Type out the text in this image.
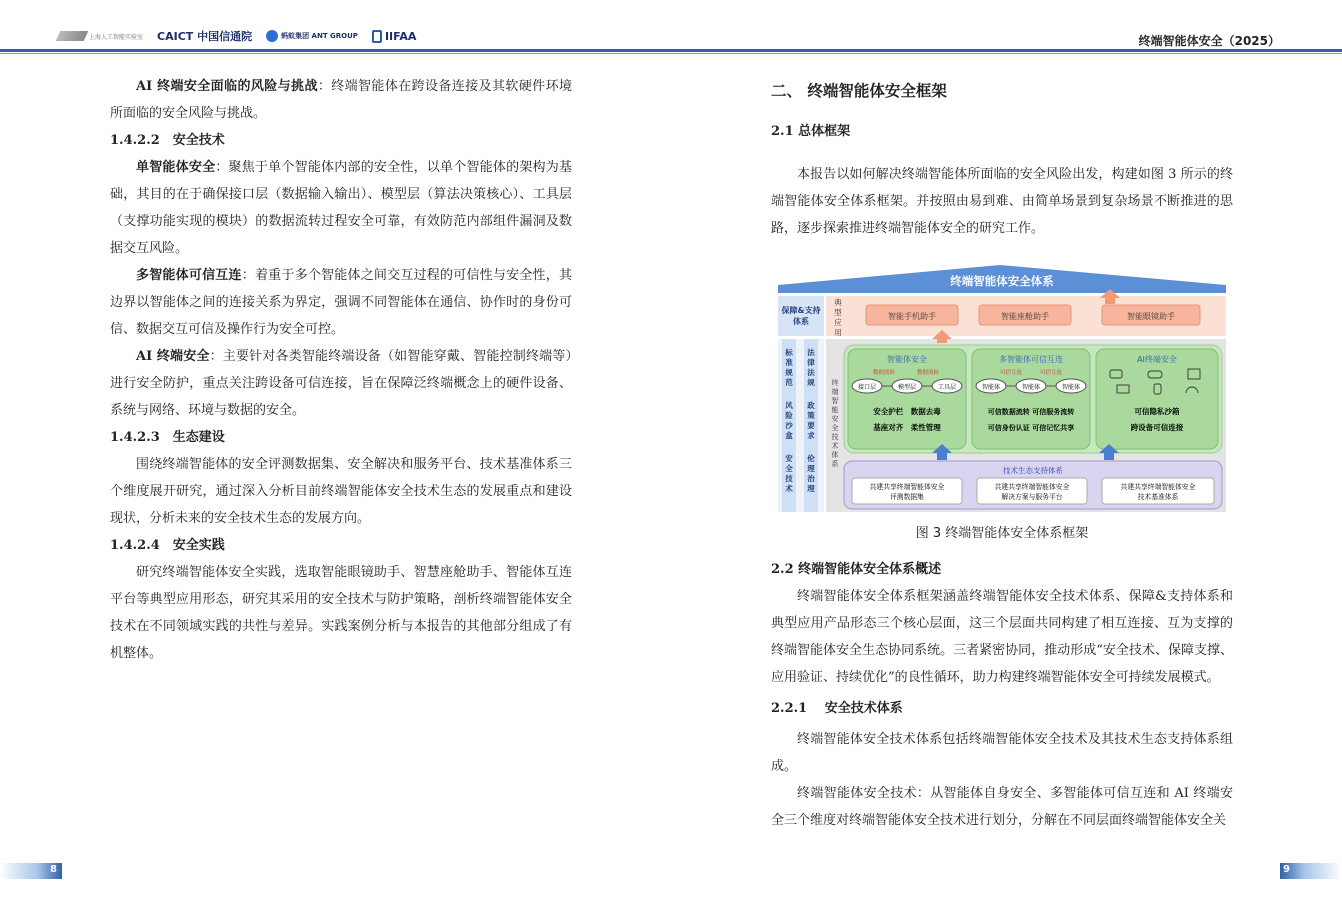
上海人工智能实验室 CAICT 中国信通院	蚂蚁集团 ANT GROUP IIFAA	终端智能体安全（2025）

AI 终端安全面临的风险与挑战：终端智能体在跨设备连接及其软硬件环境所面临的安全风险与挑战。

1.4.2.2　安全技术

单智能体安全：聚焦于单个智能体内部的安全性，以单个智能体的架构为基础，其目的在于确保接口层（数据输入输出）、模型层（算法决策核心）、工具层（支撑功能实现的模块）的数据流转过程安全可靠，有效防范内部组件漏洞及数据交互风险。

多智能体可信互连：着重于多个智能体之间交互过程的可信性与安全性，其边界以智能体之间的连接关系为界定，强调不同智能体在通信、协作时的身份可信、数据交互可信及操作行为安全可控。

AI 终端安全：主要针对各类智能终端设备（如智能穿戴、智能控制终端等）进行安全防护，重点关注跨设备可信连接，旨在保障泛终端概念上的硬件设备、系统与网络、环境与数据的安全。

1.4.2.3　生态建设

围绕终端智能体的安全评测数据集、安全解决和服务平台、技术基准体系三个维度展开研究，通过深入分析目前终端智能体安全技术生态的发展重点和建设现状，分析未来的安全技术生态的发展方向。

1.4.2.4　安全实践

研究终端智能体安全实践，选取智能眼镜助手、智慧座舱助手、智能体互连平台等典型应用形态，研究其采用的安全技术与防护策略，剖析终端智能体安全技术在不同领域实践的共性与差异。实践案例分析与本报告的其他部分组成了有机整体。

二、 终端智能体安全框架

2.1 总体框架

本报告以如何解决终端智能体所面临的安全风险出发，构建如图 3 所示的终端智能体安全体系框架。并按照由易到难、由简单场景到复杂场景不断推进的思路，逐步探索推进终端智能体安全的研究工作。

终端智能体安全体系
保障&支持
体系
典
型
应
用
智能手机助手	智能座舱助手	智能眼镜助手
标
准
规
范
风
险
沙
盒
安
全
技
术
法
律
法
规
政
策
要
求
伦
理
治
理
终
端
智
能
安
全
技
术
体
系
智能体安全
数据流转	数据流转
接口层	模型层	工具层
安全护栏　数据去毒
基座对齐　柔性管理
多智能体可信互连
可信互连	可信互连
智能体	智能体	智能体
可信数据流转 可信服务流转
可信身份认证 可信记忆共享
AI终端安全
可信隐私沙箱
跨设备可信连接
技术生态支持体系
共建共享终端智能体安全
评测数据集
共建共享终端智能体安全
解决方案与服务平台
共建共享终端智能体安全
技术基准体系
图 3 终端智能体安全体系框架

2.2 终端智能体安全体系概述

终端智能体安全体系框架涵盖终端智能体安全技术体系、保障&支持体系和典型应用产品形态三个核心层面，这三个层面共同构建了相互连接、互为支撑的终端智能体安全生态协同系统。三者紧密协同，推动形成“安全技术、保障支撑、应用验证、持续优化”的良性循环，助力构建终端智能体安全可持续发展模式。

2.2.1　 安全技术体系

终端智能体安全技术体系包括终端智能体安全技术及其技术生态支持体系组成。

终端智能体安全技术：从智能体自身安全、多智能体可信互连和 AI 终端安全三个维度对终端智能体安全技术进行划分，分解在不同层面终端智能体安全关

8	9
